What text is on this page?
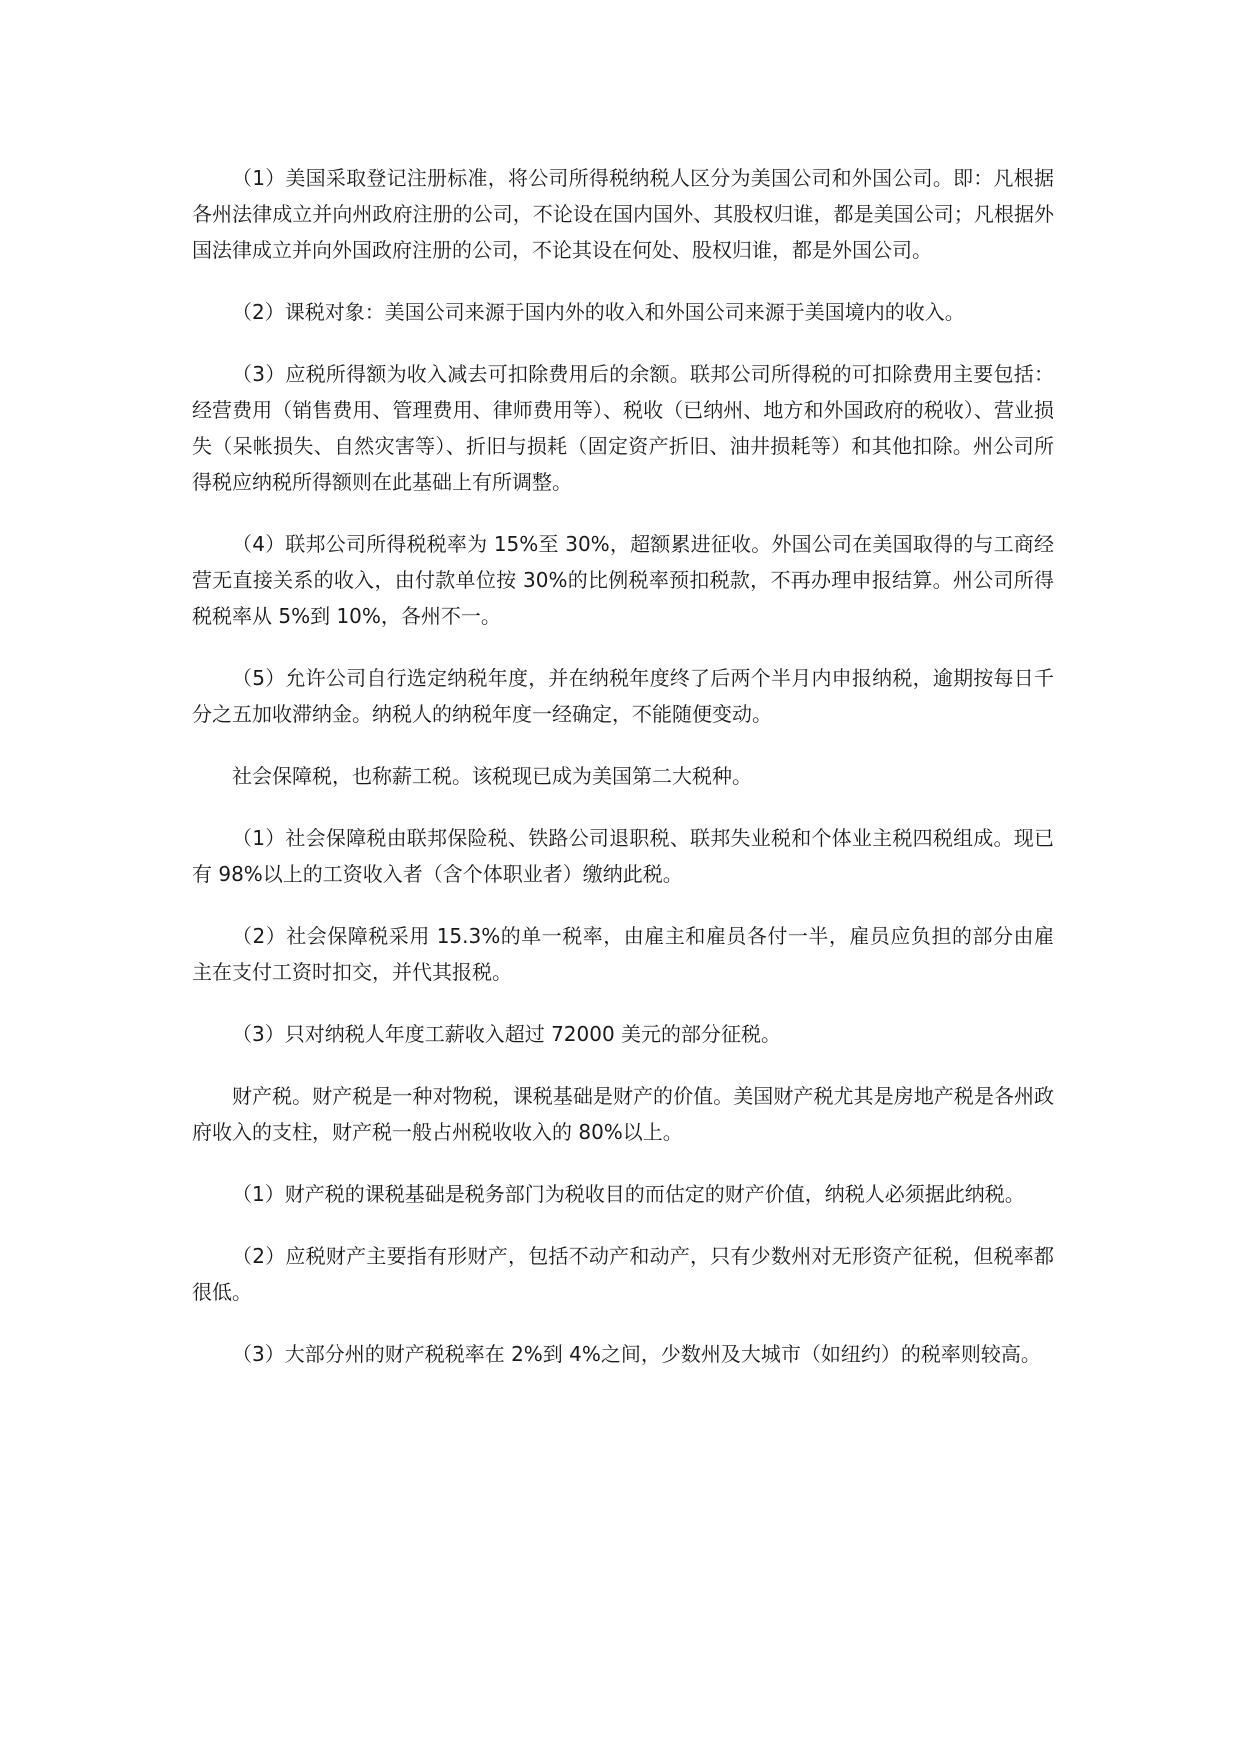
（1）美国采取登记注册标准，将公司所得税纳税人区分为美国公司和外国公司。即：凡根据各州法律成立并向州政府注册的公司，不论设在国内国外、其股权归谁，都是美国公司；凡根据外国法律成立并向外国政府注册的公司，不论其设在何处、股权归谁，都是外国公司。

（2）课税对象：美国公司来源于国内外的收入和外国公司来源于美国境内的收入。

（3）应税所得额为收入减去可扣除费用后的余额。联邦公司所得税的可扣除费用主要包括：经营费用（销售费用、管理费用、律师费用等）、税收（已纳州、地方和外国政府的税收）、营业损失（呆帐损失、自然灾害等）、折旧与损耗（固定资产折旧、油井损耗等）和其他扣除。州公司所得税应纳税所得额则在此基础上有所调整。

（4）联邦公司所得税税率为 15%至 30%，超额累进征收。外国公司在美国取得的与工商经营无直接关系的收入，由付款单位按 30%的比例税率预扣税款，不再办理申报结算。州公司所得税税率从 5%到 10%，各州不一。

（5）允许公司自行选定纳税年度，并在纳税年度终了后两个半月内申报纳税，逾期按每日千分之五加收滞纳金。纳税人的纳税年度一经确定，不能随便变动。

社会保障税，也称薪工税。该税现已成为美国第二大税种。

（1）社会保障税由联邦保险税、铁路公司退职税、联邦失业税和个体业主税四税组成。现已有 98%以上的工资收入者（含个体职业者）缴纳此税。

（2）社会保障税采用 15.3%的单一税率，由雇主和雇员各付一半，雇员应负担的部分由雇主在支付工资时扣交，并代其报税。

（3）只对纳税人年度工薪收入超过 72000 美元的部分征税。

财产税。财产税是一种对物税，课税基础是财产的价值。美国财产税尤其是房地产税是各州政府收入的支柱，财产税一般占州税收收入的 80%以上。

（1）财产税的课税基础是税务部门为税收目的而估定的财产价值，纳税人必须据此纳税。

（2）应税财产主要指有形财产，包括不动产和动产，只有少数州对无形资产征税，但税率都很低。

（3）大部分州的财产税税率在 2%到 4%之间，少数州及大城市（如纽约）的税率则较高。
